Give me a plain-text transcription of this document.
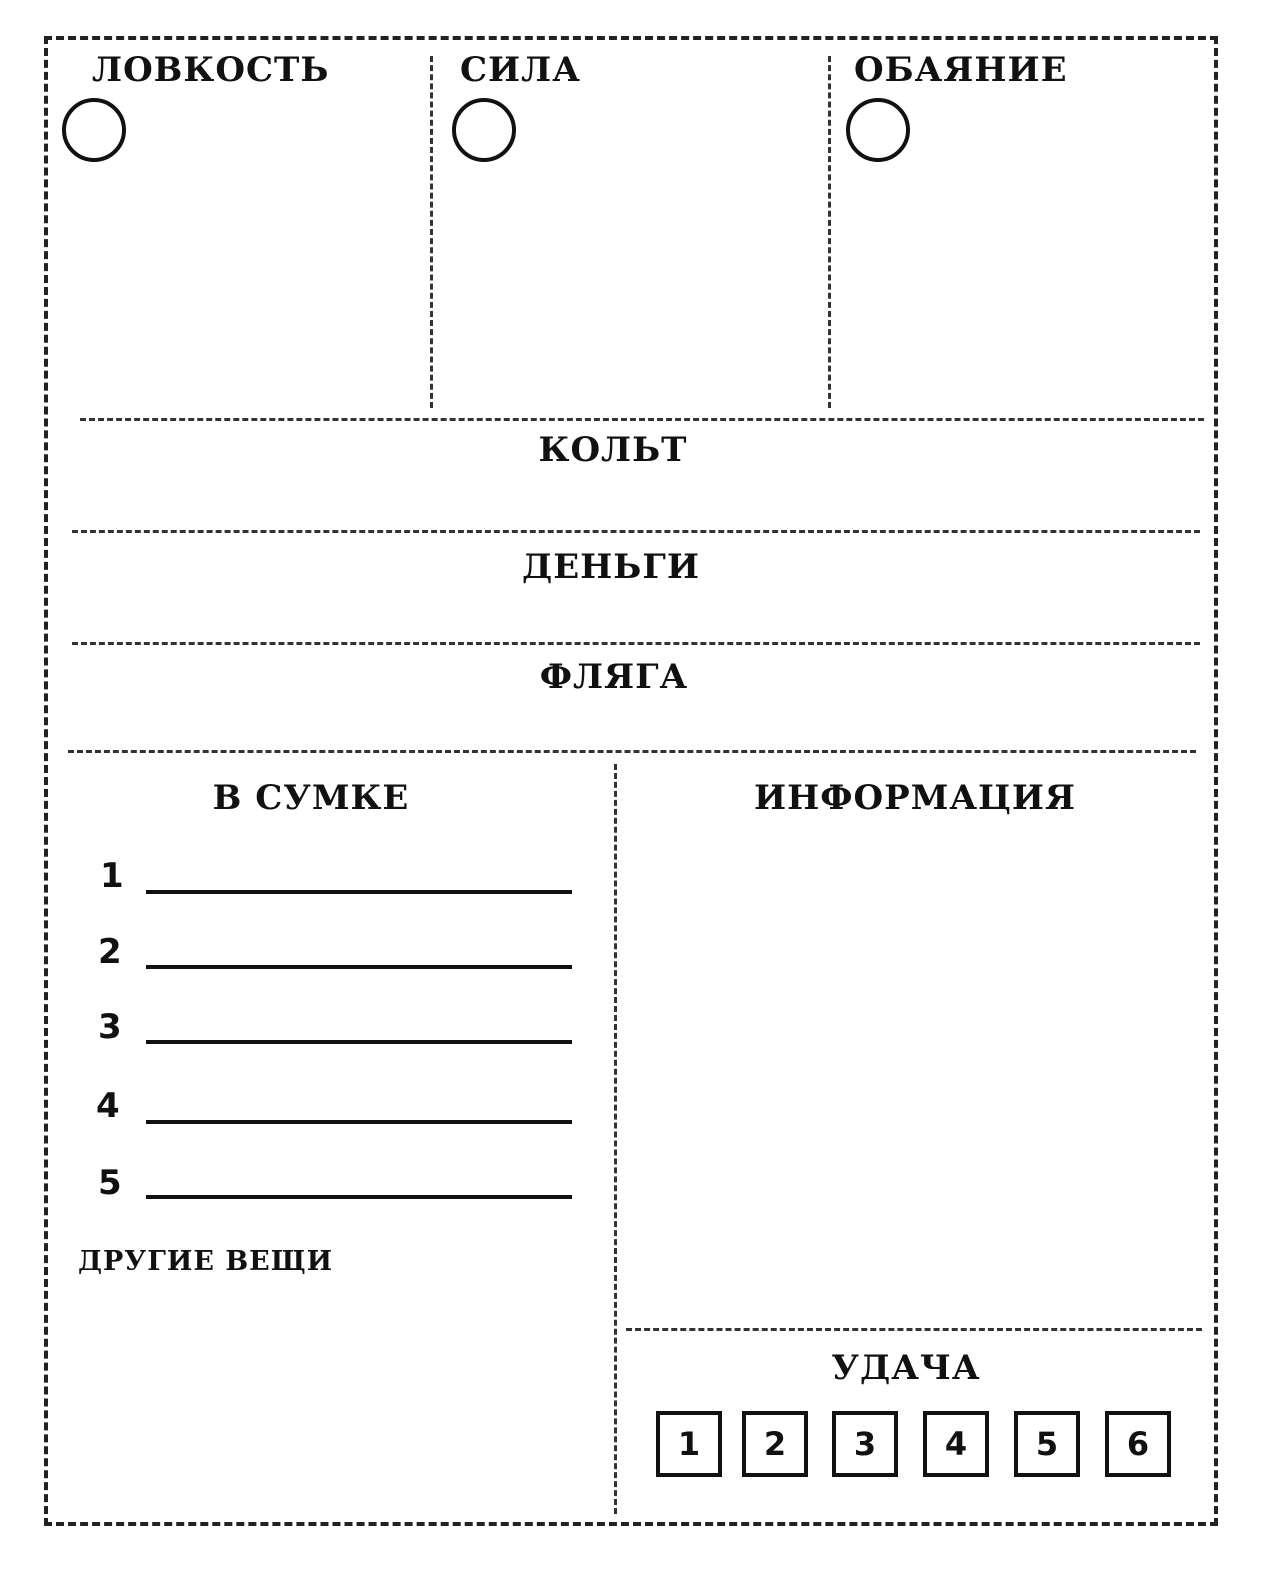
ЛОВКОСТЬ	СИЛА	ОБАЯНИЕ
КОЛЬТ
ДЕНЬГИ
ФЛЯГА
В СУМКЕ
1
2
3
4
5
ДРУГИЕ ВЕЩИ
ИНФОРМАЦИЯ
УДАЧА
1	2	3	4	5	6
